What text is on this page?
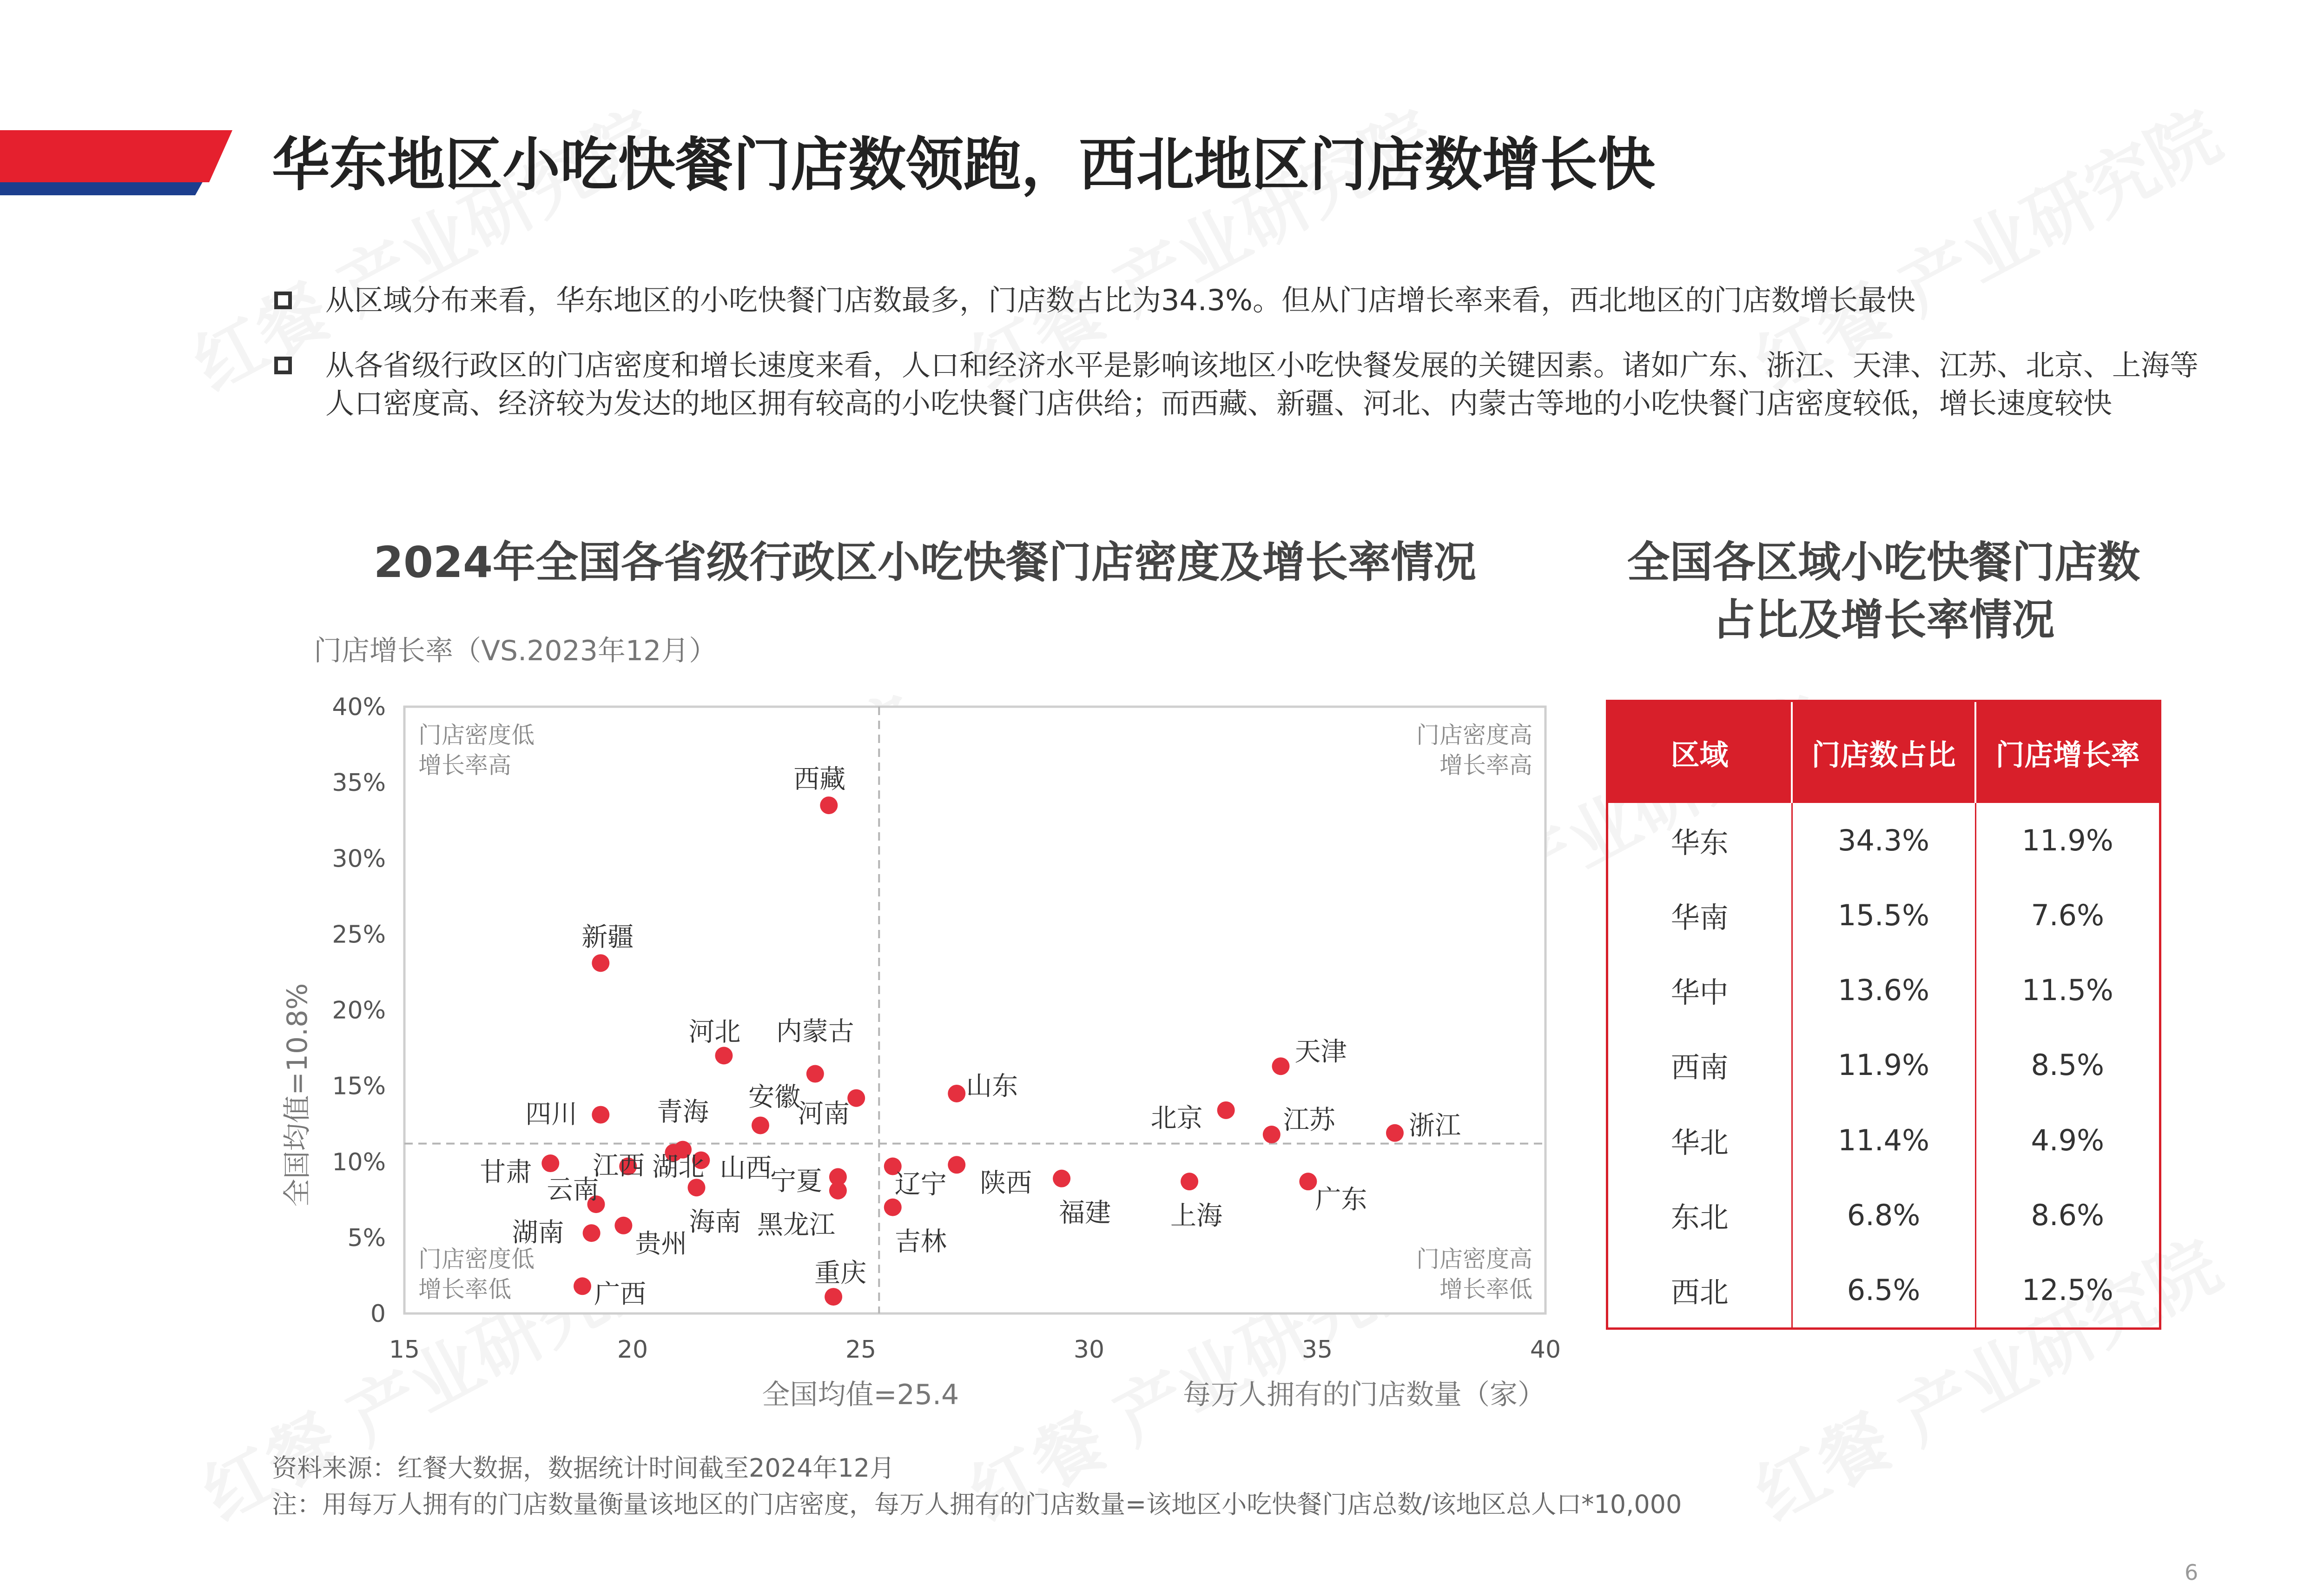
华东地区小吃快餐门店数领跑，西北地区门店数增长快
从区域分布来看，华东地区的小吃快餐门店数最多，门店数占比为34.3%。但从门店增长率来看，西北地区的门店数增长最快
从各省级行政区的门店密度和增长速度来看，人口和经济水平是影响该地区小吃快餐发展的关键因素。诸如广东、浙江、天津、江苏、北京、上海等人口密度高、经济较为发达的地区拥有较高的小吃快餐门店供给；而西藏、新疆、河北、内蒙古等地的小吃快餐门店密度较低，增长速度较快
2024年全国各省级行政区小吃快餐门店密度及增长率情况	全国各区域小吃快餐门店数
占比及增长率情况
0
5%
10%
15%
20%
25%
30%
35%
40%
15	20	25	30	35	40
门店增长率（VS.2023年12月）
每万人拥有的门店数量（家）
全国均值=25.4
全国均值=10.8%
门店密度低
增长率高
门店密度高
增长率高
门店密度低
增长率低
门店密度高
增长率低
西藏
新疆
河北 内蒙古
四川
安徽
河南
青海
山西
江西 湖北
甘肃
云南
湖南	贵州
海南
宁夏
黑龙江
广西
重庆
山东
北京
天津
江苏	浙江
辽宁 陕西
吉林
福建 上海
广东
区域	门店数占比	门店增长率
华东	34.3%	11.9%
华南	15.5%	7.6%
华中	13.6%	11.5%
西南	11.9%	8.5%
华北	11.4%	4.9%
东北	6.8%	8.6%
西北	6.5%	12.5%
资料来源：红餐大数据，数据统计时间截至2024年12月
注：用每万人拥有的门店数量衡量该地区的门店密度，每万人拥有的门店数量=该地区小吃快餐门店总数/该地区总人口*10,000
6
